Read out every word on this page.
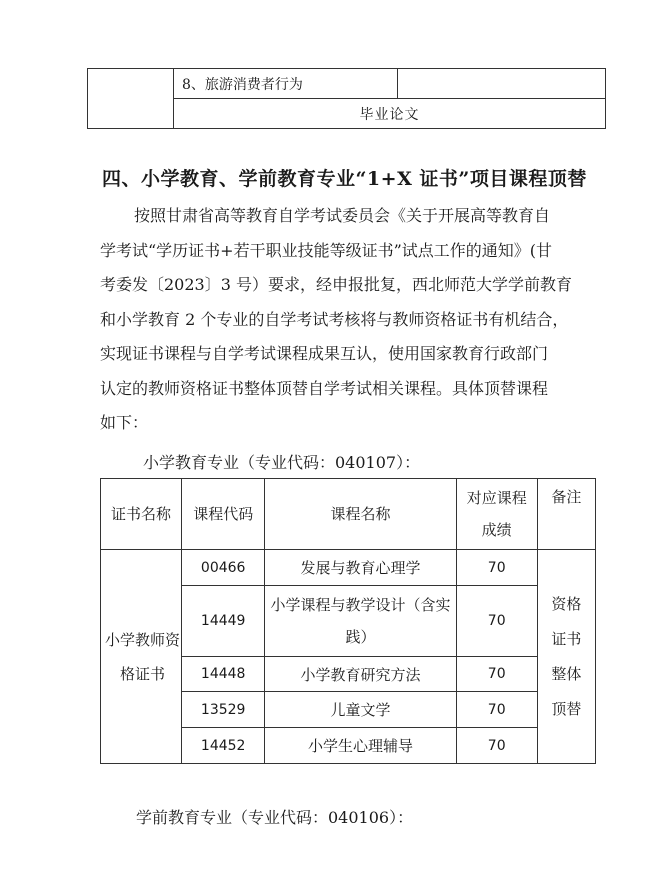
	8、旅游消费者行为	
毕业论文
四、小学教育、学前教育专业“1+X 证书”项目课程顶替

按照甘肃省高等教育自学考试委员会《关于开展高等教育自
学考试“学历证书+若干职业技能等级证书”试点工作的通知》(甘
考委发〔2023〕3 号）要求，经申报批复，西北师范大学学前教育
和小学教育 2 个专业的自学考试考核将与教师资格证书有机结合，
实现证书课程与自学考试课程成果互认，使用国家教育行政部门
认定的教师资格证书整体顶替自学考试相关课程。具体顶替课程
如下：

小学教育专业（专业代码：040107）：
证书名称	课程代码	课程名称	对应课程成绩	备注
小学教师资格证书	00466	发展与教育心理学	70	资格证书整体顶替
	14449	小学课程与教学设计（含实践）	70	
	14448	小学教育研究方法	70	
	13529	儿童文学	70	
	14452	小学生心理辅导	70	
学前教育专业（专业代码：040106）：
